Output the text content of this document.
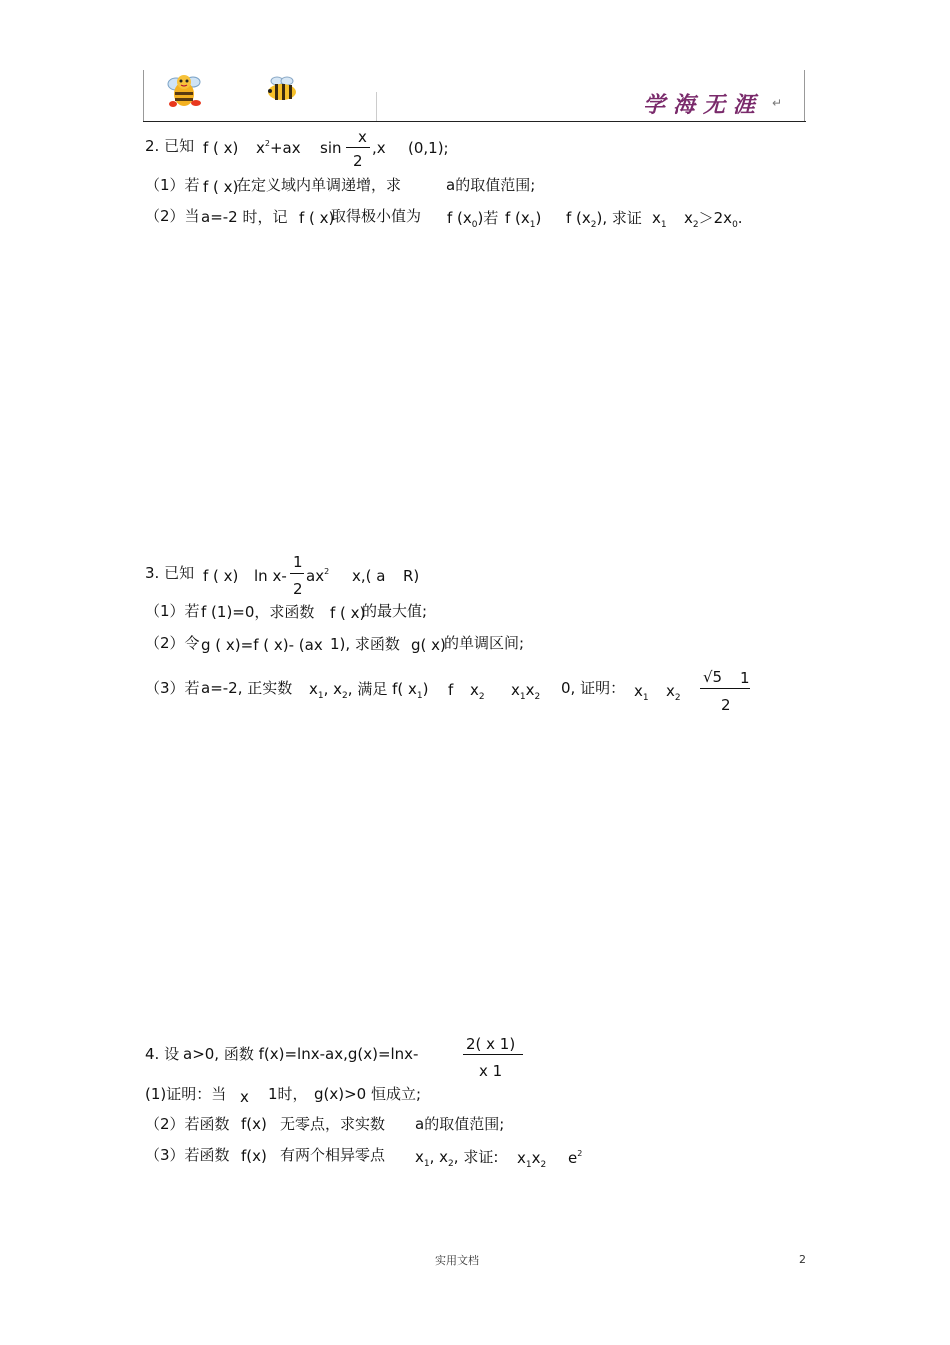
学海无涯 ↵
2. 已知 f ( x) $x^2+ax$ sin
x
2
,x (0,1);
（1）若 f ( x)
在定义域内单调递增，求	a的取值范围;
（2）当 a=-2 时，记 f ( x)
取得极小值为 f $(x_0)$若 f $(x_1)$ f $(x_2)$, 求证 $x_1$ $x_2>2x_0$.
3. 已知 f ( x) ln x-
1
2
$ax^2$ x,( a R)
（1）若 f (1)=0，求函数 f ( x)
的最大值;
（2）令 g ( x)=f ( x)- (ax 1), 求函数 g( x)
的单调区间;
（3）若 a=-2, 正实数 $x_1$, $x_2$, 满足 f( $x_1$) f $x_2$ $x_1x_2$ 0, 证明： $x_1$ $x_2$
√5 1
2
4. 设 a>0, 函数 f(x)=lnx-ax,g(x)=lnx-
2( x 1)
x 1
(1)证明：当 x 1时， g(x)>0 恒成立;
（2）若函数 f(x) 无零点，求实数 a的取值范围;
（3）若函数 f(x) 有两个相异零点 $x_1$, $x_2$, 求证: $x_1x_2$ $e^2$
实用文档	2
